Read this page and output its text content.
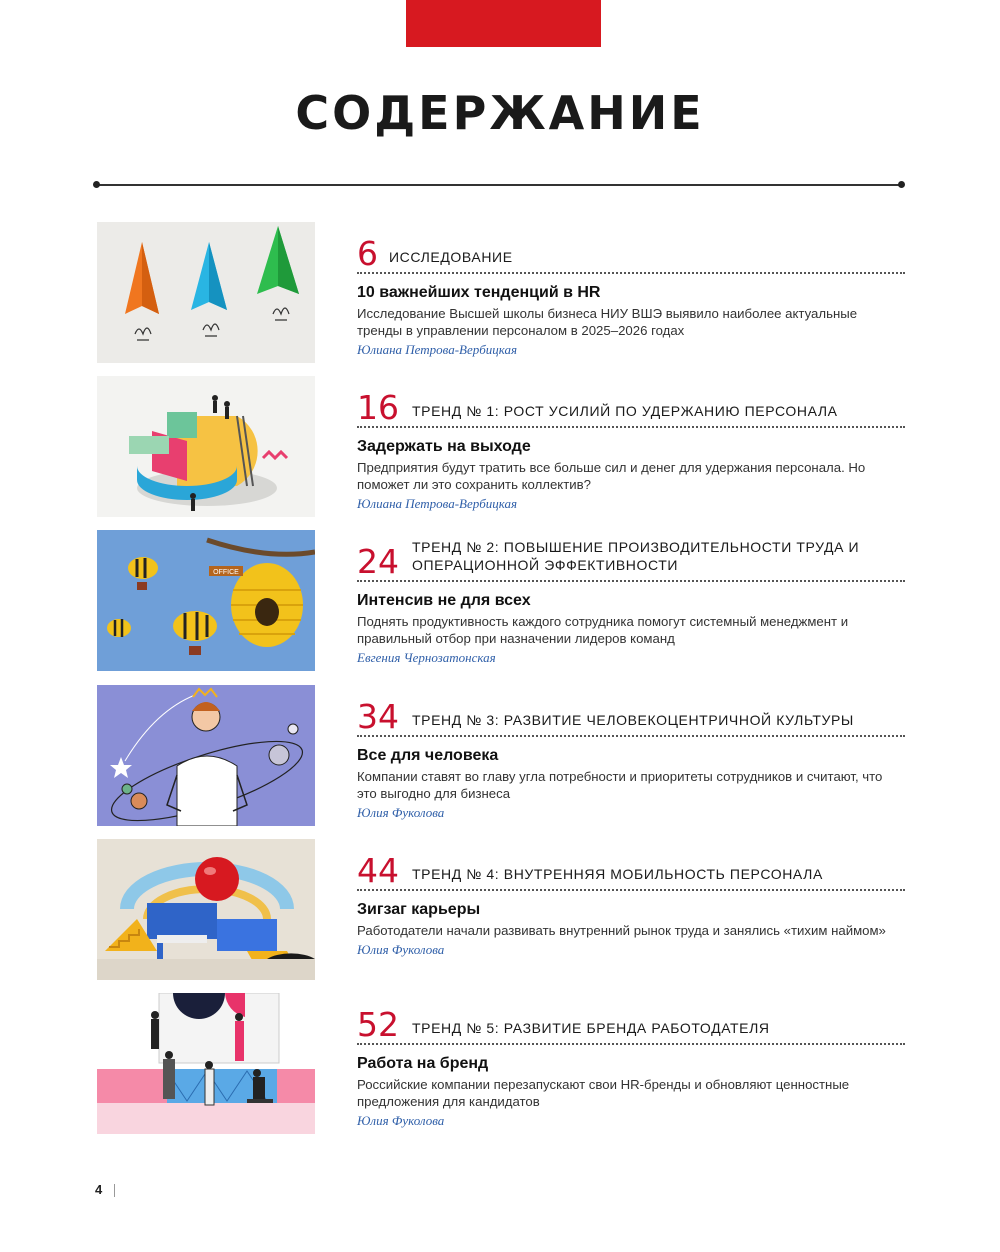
СОДЕРЖАНИЕ
6 ИССЛЕДОВАНИЕ

10 важнейших тенденций в HR

Исследование Высшей школы бизнеса НИУ ВШЭ выявило наиболее актуальные тренды в управлении персоналом в 2025–2026 годах

Юлиана Петрова-Вербицкая

16 ТРЕНД № 1: РОСТ УСИЛИЙ ПО УДЕРЖАНИЮ ПЕРСОНАЛА

Задержать на выходе

Предприятия будут тратить все больше сил и денег для удержания персонала. Но поможет ли это сохранить коллектив?

Юлиана Петрова-Вербицкая

OFFICE	24 ТРЕНД № 2: ПОВЫШЕНИЕ ПРОИЗВОДИТЕЛЬНОСТИ ТРУДА И ОПЕРАЦИОННОЙ ЭФФЕКТИВНОСТИ

Интенсив не для всех

Поднять продуктивность каждого сотрудника помогут системный менеджмент и правильный отбор при назначении лидеров команд

Евгения Чернозатонская

34 ТРЕНД № 3: РАЗВИТИЕ ЧЕЛОВЕКОЦЕНТРИЧНОЙ КУЛЬТУРЫ

Все для человека

Компании ставят во главу угла потребности и приоритеты сотрудников и считают, что это выгодно для бизнеса

Юлия Фуколова

44 ТРЕНД № 4: ВНУТРЕННЯЯ МОБИЛЬНОСТЬ ПЕРСОНАЛА

Зигзаг карьеры

Работодатели начали развивать внутренний рынок труда и занялись «тихим наймом»

Юлия Фуколова

52 ТРЕНД № 5: РАЗВИТИЕ БРЕНДА РАБОТОДАТЕЛЯ

Работа на бренд

Российские компании перезапускают свои HR-бренды и обновляют ценностные предложения для кандидатов

Юлия Фуколова

4
